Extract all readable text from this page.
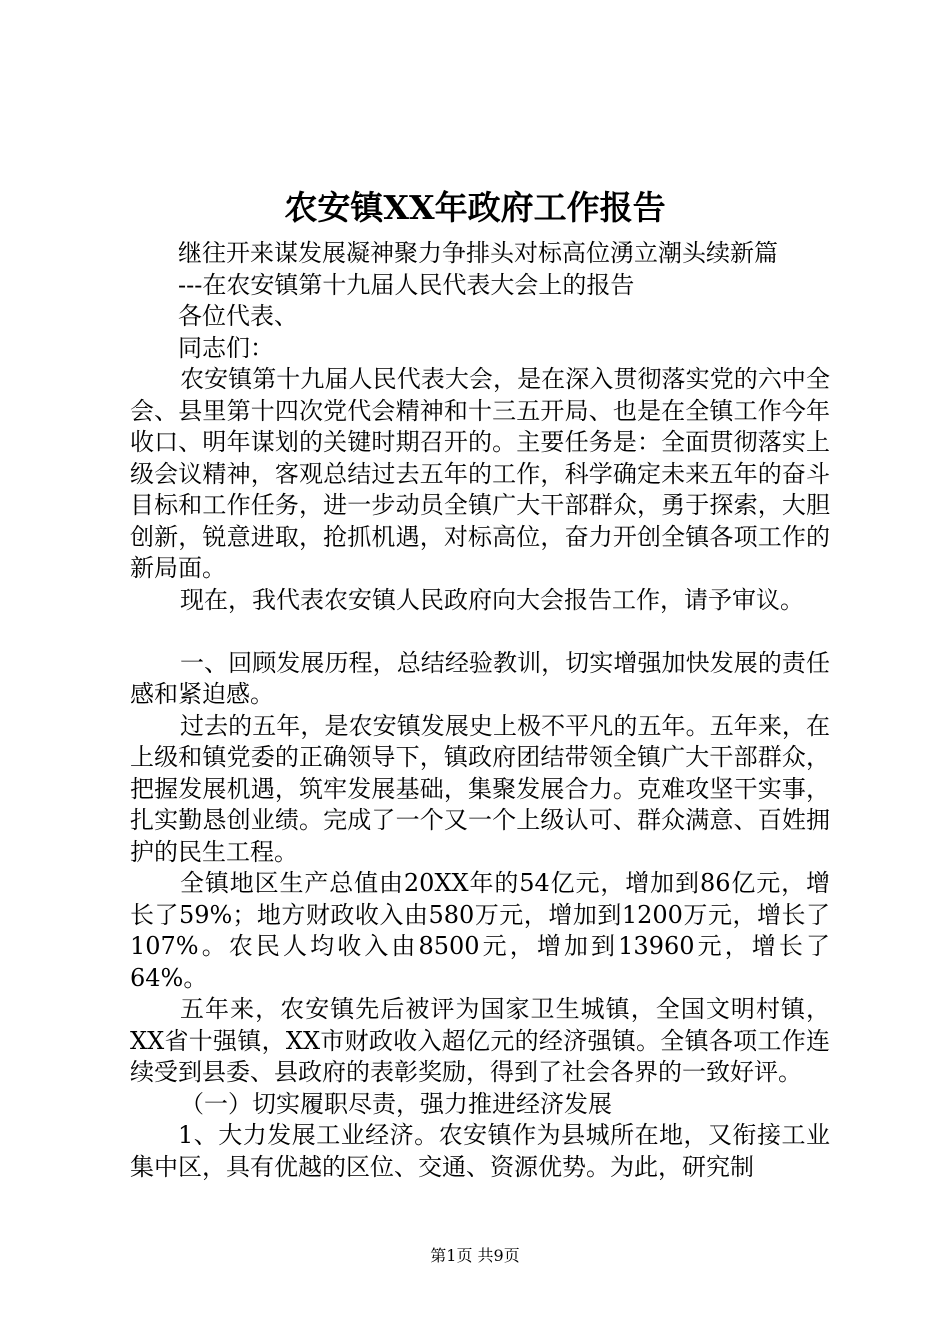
农安镇XX年政府工作报告

继往开来谋发展凝神聚力争排头对标高位湧立潮头续新篇

---在农安镇第十九届人民代表大会上的报告

各位代表、

同志们：

农安镇第十九届人民代表大会，是在深入贯彻落实党的六中全会、县里第十四次党代会精神和十三五开局、也是在全镇工作今年收口、明年谋划的关键时期召开的。主要任务是：全面贯彻落实上级会议精神，客观总结过去五年的工作，科学确定未来五年的奋斗目标和工作任务，进一步动员全镇广大干部群众，勇于探索，大胆创新，锐意进取，抢抓机遇，对标高位，奋力开创全镇各项工作的新局面。

现在，我代表农安镇人民政府向大会报告工作，请予审议。

一、回顾发展历程，总结经验教训，切实增强加快发展的责任感和紧迫感。

过去的五年，是农安镇发展史上极不平凡的五年。五年来，在上级和镇党委的正确领导下，镇政府团结带领全镇广大干部群众，把握发展机遇，筑牢发展基础，集聚发展合力。克难攻坚干实事，扎实勤恳创业绩。完成了一个又一个上级认可、群众满意、百姓拥护的民生工程。

全镇地区生产总值由20XX年的54亿元，增加到86亿元，增长了59%；地方财政收入由580万元，增加到1200万元，增长了107%。农民人均收入由8500元，增加到13960元，增长了64%。

五年来，农安镇先后被评为国家卫生城镇，全国文明村镇，XX省十强镇，XX市财政收入超亿元的经济强镇。全镇各项工作连续受到县委、县政府的表彰奖励，得到了社会各界的一致好评。

（一）切实履职尽责，强力推进经济发展

1、大力发展工业经济。农安镇作为县城所在地，又衔接工业集中区，具有优越的区位、交通、资源优势。为此，研究制

第1页 共9页
